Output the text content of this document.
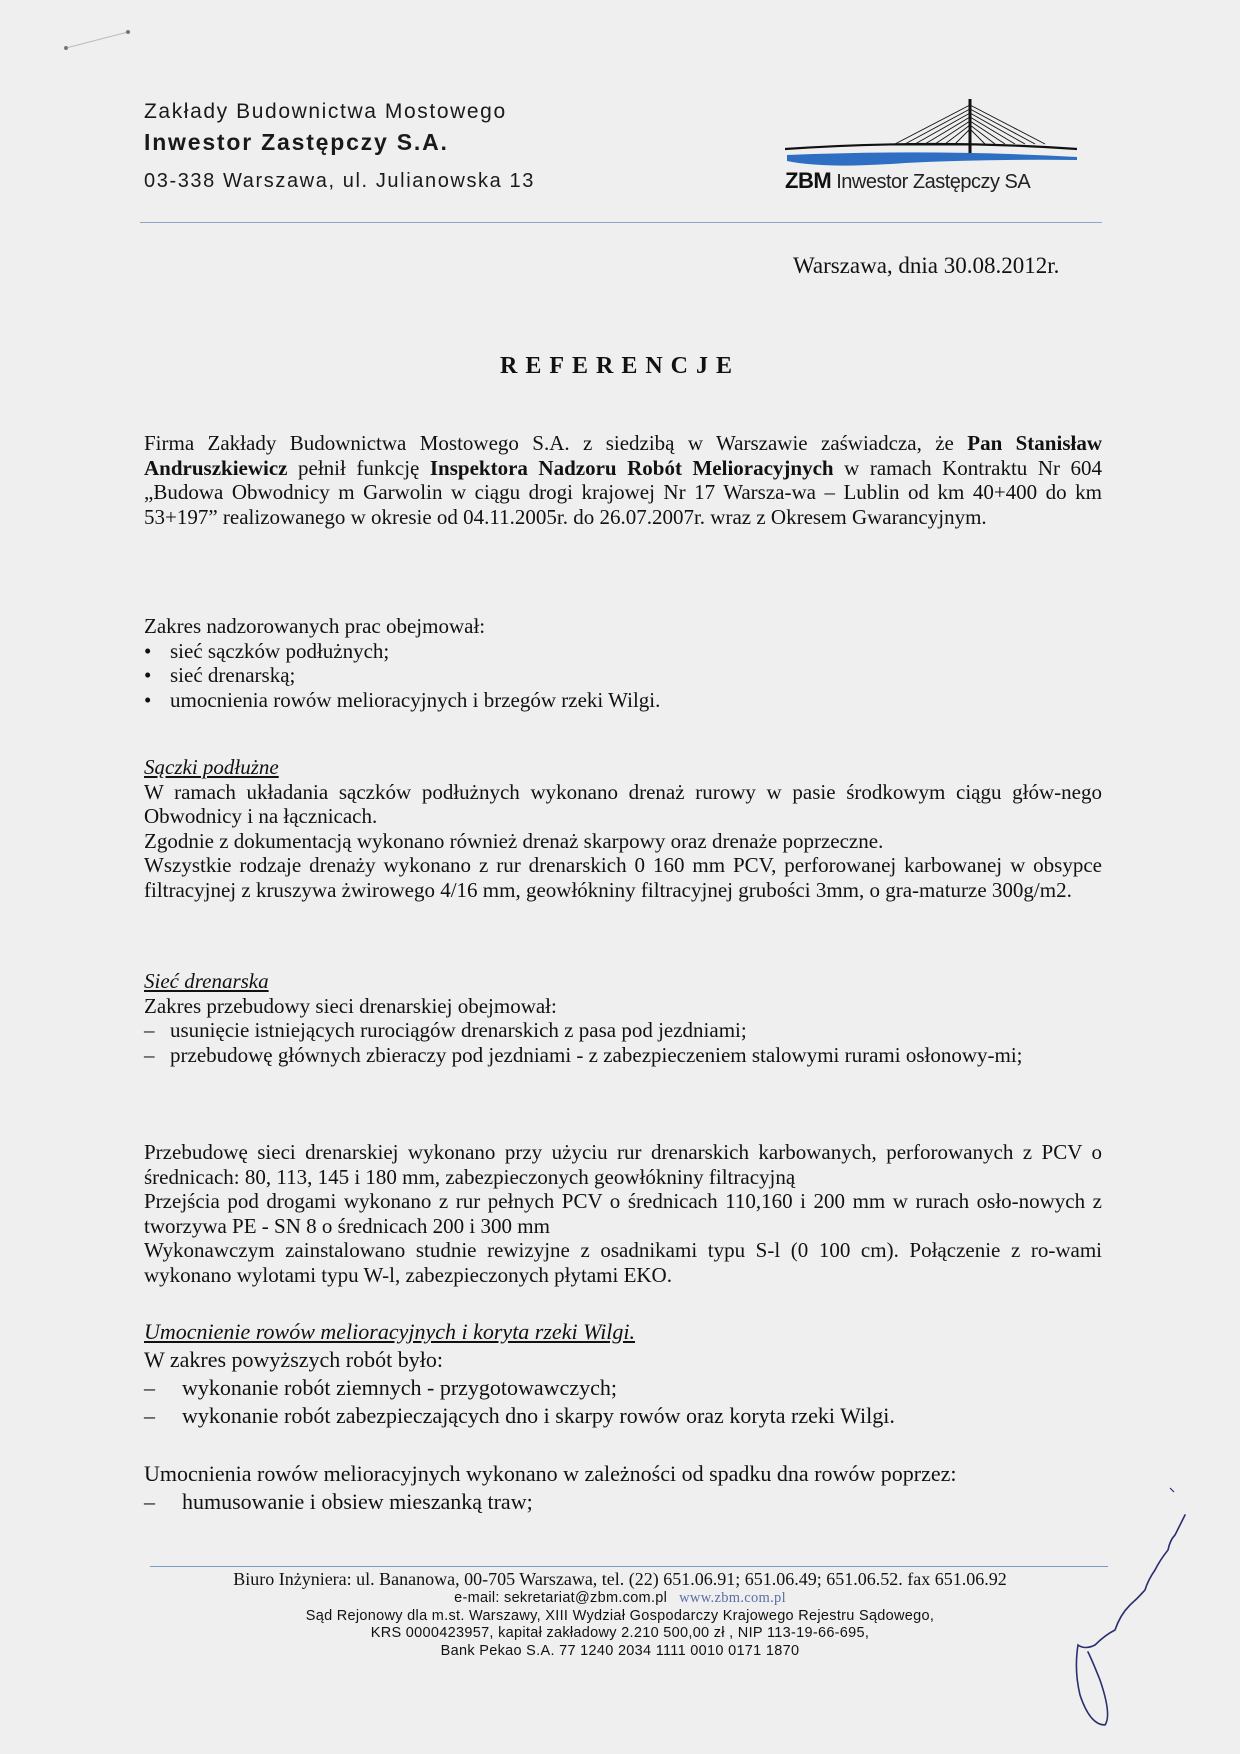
Zakłady Budownictwa Mostowego
Inwestor Zastępczy S.A.
03-338 Warszawa, ul. Julianowska 13	ZBM Inwestor Zastępczy SA
Warszawa, dnia 30.08.2012r.
REFERENCJE
Firma Zakłady Budownictwa Mostowego S.A. z siedzibą w Warszawie zaświadcza, że Pan Stanisław Andruszkiewicz pełnił funkcję Inspektora Nadzoru Robót Melioracyjnych w ramach Kontraktu Nr 604 „Budowa Obwodnicy m Garwolin w ciągu drogi krajowej Nr 17 Warsza-wa – Lublin od km 40+400 do km 53+197” realizowanego w okresie od 04.11.2005r. do 26.07.2007r. wraz z Okresem Gwarancyjnym.
Zakres nadzorowanych prac obejmował:
• sieć sączków podłużnych;
• sieć drenarską;
• umocnienia rowów melioracyjnych i brzegów rzeki Wilgi.
Sączki podłużne
W ramach układania sączków podłużnych wykonano drenaż rurowy w pasie środkowym ciągu głów-nego Obwodnicy i na łącznicach.
Zgodnie z dokumentacją wykonano również drenaż skarpowy oraz drenaże poprzeczne.
Wszystkie rodzaje drenaży wykonano z rur drenarskich 0 160 mm PCV, perforowanej karbowanej w obsypce filtracyjnej z kruszywa żwirowego 4/16 mm, geowłókniny filtracyjnej grubości 3mm, o gra-maturze 300g/m2.
Sieć drenarska
Zakres przebudowy sieci drenarskiej obejmował:
– usunięcie istniejących rurociągów drenarskich z pasa pod jezdniami;
– przebudowę głównych zbieraczy pod jezdniami - z zabezpieczeniem stalowymi rurami osłonowy-mi;
Przebudowę sieci drenarskiej wykonano przy użyciu rur drenarskich karbowanych, perforowanych z PCV o średnicach: 80, 113, 145 i 180 mm, zabezpieczonych geowłókniny filtracyjną
Przejścia pod drogami wykonano z rur pełnych PCV o średnicach 110,160 i 200 mm w rurach osło-nowych z tworzywa PE - SN 8 o średnicach 200 i 300 mm
Wykonawczym zainstalowano studnie rewizyjne z osadnikami typu S-l (0 100 cm). Połączenie z ro-wami wykonano wylotami typu W-l, zabezpieczonych płytami EKO.
Umocnienie rowów melioracyjnych i koryta rzeki Wilgi.
W zakres powyższych robót było:
– wykonanie robót ziemnych - przygotowawczych;
– wykonanie robót zabezpieczających dno i skarpy rowów oraz koryta rzeki Wilgi.
Umocnienia rowów melioracyjnych wykonano w zależności od spadku dna rowów poprzez:
– humusowanie i obsiew mieszanką traw;
Biuro Inżyniera: ul. Bananowa, 00-705 Warszawa, tel. (22) 651.06.91; 651.06.49; 651.06.52. fax 651.06.92
e-mail: sekretariat@zbm.com.pl www.zbm.com.pl
Sąd Rejonowy dla m.st. Warszawy, XIII Wydział Gospodarczy Krajowego Rejestru Sądowego,
KRS 0000423957, kapitał zakładowy 2.210 500,00 zł , NIP 113-19-66-695,
Bank Pekao S.A. 77 1240 2034 1111 0010 0171 1870
